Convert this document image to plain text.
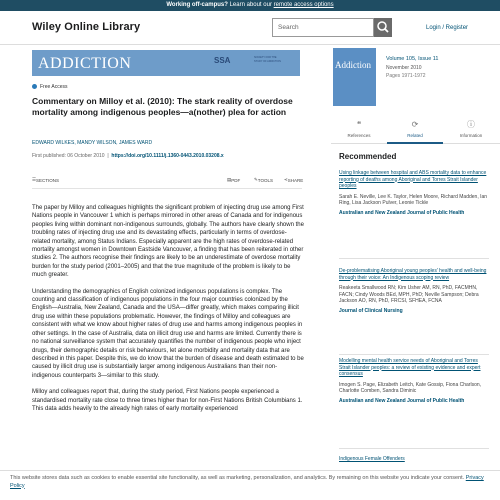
Working off-campus? Learn about our remote access options
Wiley Online Library	Search	Login / Register
ADDICTION	SSA	SOCIETY FOR THE STUDY OF ADDICTION
Free Access
Commentary on Milloy et al. (2010): The stark reality of overdose mortality among indigenous peoples—a(nother) plea for action
EDWARD WILKES, MANDY WILSON, JAMES WARD
First published: 06 October 2010  |  https://doi.org/10.1111/j.1360-0443.2010.03208.x
☰ SECTIONS	▤ PDF	✎ TOOLS ⋖ SHARE

The paper by Milloy and colleagues highlights the significant problem of injecting drug use among First Nations people in Vancouver 1 which is perhaps mirrored in other areas of Canada and for indigenous peoples living within dominant non-indigenous surrounds, globally. The authors have clearly shown the troubling rates of injecting drug use and its devastating effects, particularly in terms of overdose-related mortality, among Status Indians. Especially apparent are the high rates of overdose-related mortality amongst women in Downtown Eastside Vancouver, a finding that has been reiterated in other studies 2. The authors recognise their findings are likely to be an underestimate of overdose mortality burden for the study period (2001–2005) and that the true magnitude of the problem is likely to be much greater.

Understanding the demographics of English colonized indigenous populations is complex. The counting and classification of indigenous populations in the four major countries colonized by the English—Australia, New Zealand, Canada and the USA—differ greatly, which makes comparing illicit drug use within these populations problematic. However, the findings of Milloy and colleagues are consistent with what we know about higher rates of drug use and harms among indigenous peoples in other settings. In the case of Australia, data on illicit drug use and harms are limited. Currently there is no national surveillance system that accurately quantifies the number of indigenous people who inject drugs, their demographic details or risk behaviours, let alone morbidity and mortality data that are described in this paper. Despite this, we do know that the burden of disease and death estimated to be caused by illicit drug use is substantially larger among indigenous Australians than their non-indigenous counterparts 3—similar to this study.

Milloy and colleagues report that, during the study period, First Nations people experienced a standardised mortality rate close to three times higher than for non-First Nations British Columbians 1. This data adds heavily to the already high rates of early mortality experienced

Addiction
Volume 105, Issue 11
November 2010
Pages 1971-1972
❝
References
⟳
Related
ⓘ
Information
Recommended
Using linkage between hospital and ABS mortality data to enhance reporting of deaths among Aboriginal and Torres Strait Islander peoples
Sarah E. Neville, Lee K. Taylor, Helen Moore, Richard Madden, Ian Ring, Lisa Jackson Pulver, Leonie Tickle
Australian and New Zealand Journal of Public Health
De-problematising Aboriginal young peoples' health and well-being through their voice: An Indigenous scoping review
Reakeeta Smallwood RN; Kim Usher AM, RN, PhD, FACMHN, FACN; Cindy Woods BEd, MPH, PhD; Neville Sampson; Debra Jackson AO, RN, PhD, FRCSI, SFHEA, FCNA
Journal of Clinical Nursing
Modelling mental health service needs of Aboriginal and Torres Strait Islander peoples: a review of existing evidence and expert consensus
Imogen S. Page, Elizabeth Leitch, Kate Gossip, Fiona Charlson, Charlotte Comben, Sandra Diminic
Australian and New Zealand Journal of Public Health
Indigenous Female Offenders
This website stores data such as cookies to enable essential site functionality, as well as marketing, personalization, and analytics. By remaining on this website you indicate your consent. Privacy Policy
